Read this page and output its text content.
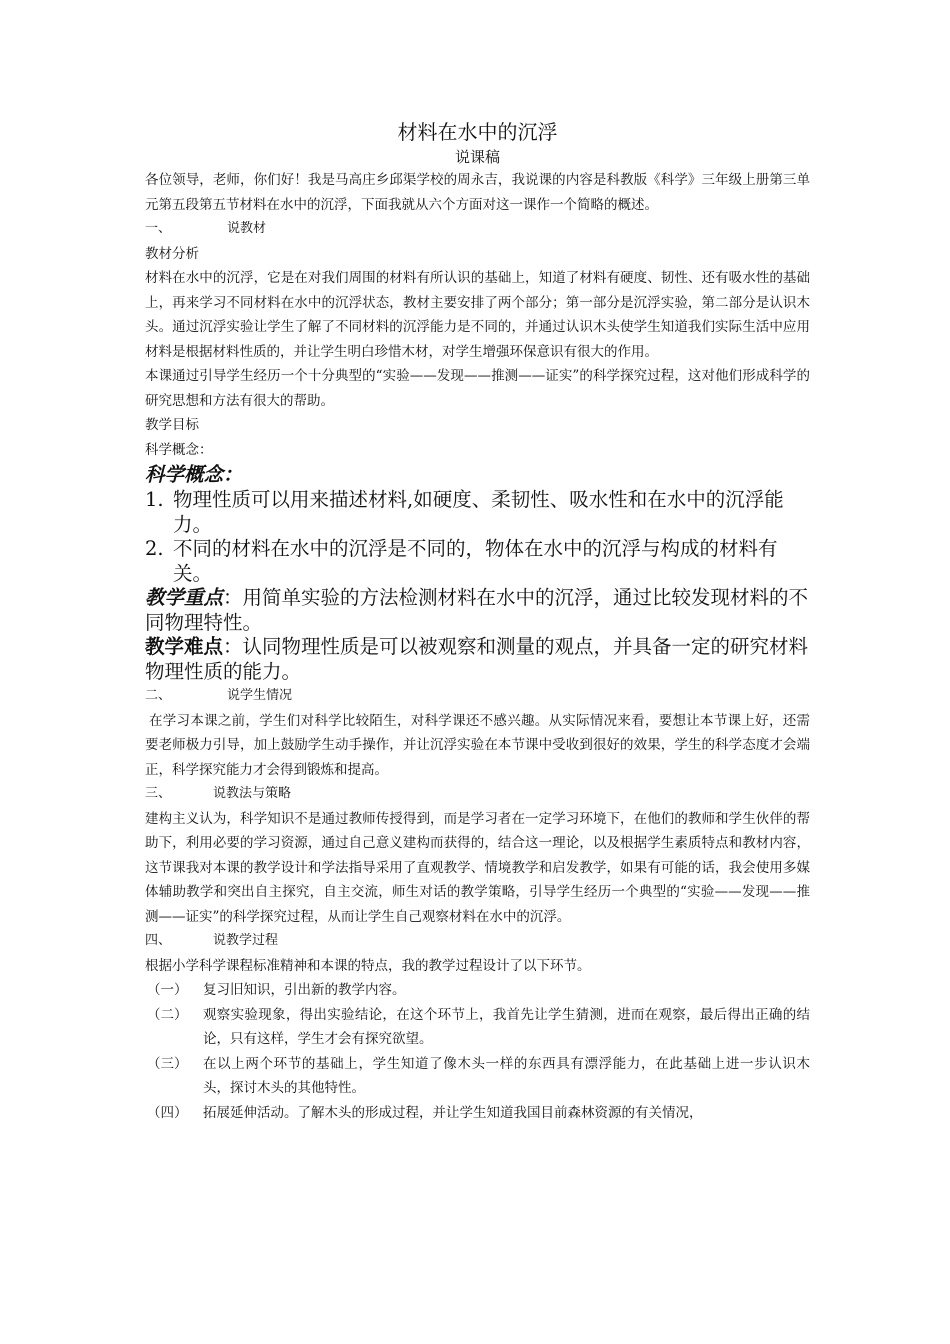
材料在水中的沉浮

说课稿

各位领导，老师，你们好！我是马高庄乡邱渠学校的周永吉，我说课的内容是科教版《科学》三年级上册第三单元第五段第五节材料在水中的沉浮，下面我就从六个方面对这一课作一个简略的概述。

一、	说教材

教材分析

材料在水中的沉浮，它是在对我们周围的材料有所认识的基础上，知道了材料有硬度、韧性、还有吸水性的基础上，再来学习不同材料在水中的沉浮状态，教材主要安排了两个部分；第一部分是沉浮实验，第二部分是认识木头。通过沉浮实验让学生了解了不同材料的沉浮能力是不同的，并通过认识木头使学生知道我们实际生活中应用材料是根据材料性质的，并让学生明白珍惜木材，对学生增强环保意识有很大的作用。

本课通过引导学生经历一个十分典型的“实验——发现——推测——证实”的科学探究过程，这对他们形成科学的研究思想和方法有很大的帮助。

教学目标

科学概念：

科学概念：

1. 物理性质可以用来描述材料,如硬度、柔韧性、吸水性和在水中的沉浮能力。
2. 不同的材料在水中的沉浮是不同的，物体在水中的沉浮与构成的材料有关。

教学重点：用简单实验的方法检测材料在水中的沉浮，通过比较发现材料的不同物理特性。

教学难点：认同物理性质是可以被观察和测量的观点，并具备一定的研究材料物理性质的能力。

二、	说学生情况

在学习本课之前，学生们对科学比较陌生，对科学课还不感兴趣。从实际情况来看，要想让本节课上好，还需要老师极力引导，加上鼓励学生动手操作，并让沉浮实验在本节课中受收到很好的效果，学生的科学态度才会端正，科学探究能力才会得到锻炼和提高。

三、	说教法与策略

建构主义认为，科学知识不是通过教师传授得到，而是学习者在一定学习环境下，在他们的教师和学生伙伴的帮助下，利用必要的学习资源，通过自己意义建构而获得的，结合这一理论，以及根据学生素质特点和教材内容，这节课我对本课的教学设计和学法指导采用了直观教学、情境教学和启发教学，如果有可能的话，我会使用多媒体辅助教学和突出自主探究，自主交流，师生对话的教学策略，引导学生经历一个典型的“实验——发现——推测——证实”的科学探究过程，从而让学生自己观察材料在水中的沉浮。

四、	说教学过程

根据小学科学课程标准精神和本课的特点，我的教学过程设计了以下环节。

（一） 复习旧知识，引出新的教学内容。
（二） 观察实验现象，得出实验结论，在这个环节上，我首先让学生猜测，进而在观察，最后得出正确的结论，只有这样，学生才会有探究欲望。
（三） 在以上两个环节的基础上，学生知道了像木头一样的东西具有漂浮能力，在此基础上进一步认识木头，探讨木头的其他特性。
（四） 拓展延伸活动。了解木头的形成过程，并让学生知道我国目前森林资源的有关情况，
